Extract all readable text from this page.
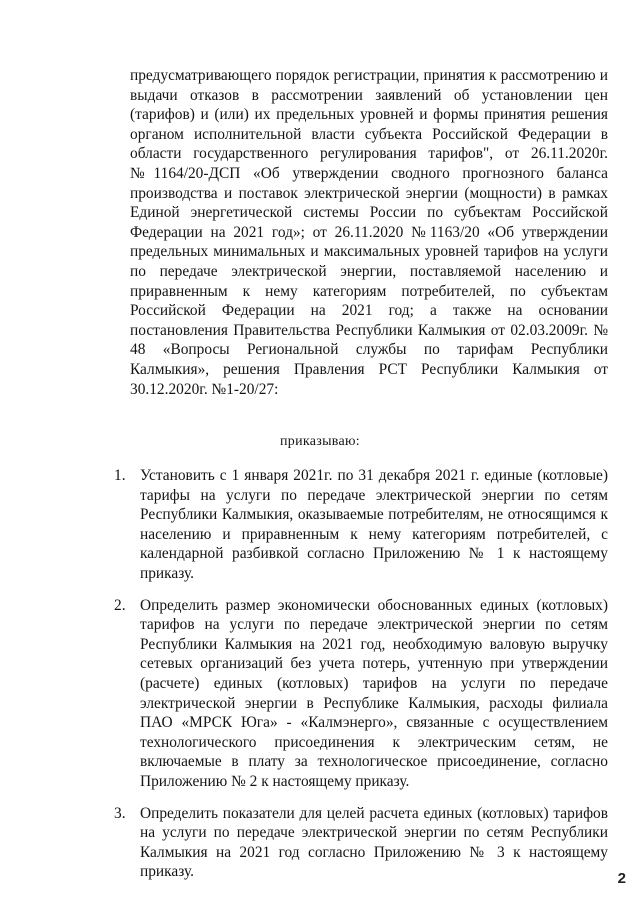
предусматривающего порядок регистрации, принятия к рассмотрению и выдачи отказов в рассмотрении заявлений об установлении цен (тарифов) и (или) их предельных уровней и формы принятия решения органом исполнительной власти субъекта Российской Федерации в области государственного регулирования тарифов", от 26.11.2020г. №1164/20-ДСП «Об утверждении сводного прогнозного баланса производства и поставок электрической энергии (мощности) в рамках Единой энергетической системы России по субъектам Российской Федерации на 2021 год»; от 26.11.2020 №1163/20 «Об утверждении предельных минимальных и максимальных уровней тарифов на услуги по передаче электрической энергии, поставляемой населению и приравненным к нему категориям потребителей, по субъектам Российской Федерации на 2021 год; а также на основании постановления Правительства Республики Калмыкия от 02.03.2009г. № 48 «Вопросы Региональной службы по тарифам Республики Калмыкия», решения Правления РСТ Республики Калмыкия от 30.12.2020г. №1-20/27:

приказываю:
1. Установить с 1 января 2021г. по 31 декабря 2021 г. единые (котловые) тарифы на услуги по передаче электрической энергии по сетям Республики Калмыкия, оказываемые потребителям, не относящимся к населению и приравненным к нему категориям потребителей, с календарной разбивкой согласно Приложению № 1 к настоящему приказу.
2. Определить размер экономически обоснованных единых (котловых) тарифов на услуги по передаче электрической энергии по сетям Республики Калмыкия на 2021 год, необходимую валовую выручку сетевых организаций без учета потерь, учтенную при утверждении (расчете) единых (котловых) тарифов на услуги по передаче электрической энергии в Республике Калмыкия, расходы филиала ПАО «МРСК Юга» - «Калмэнерго», связанные с осуществлением технологического присоединения к электрическим сетям, не включаемые в плату за технологическое присоединение, согласно Приложению № 2 к настоящему приказу.
3. Определить показатели для целей расчета единых (котловых) тарифов на услуги по передаче электрической энергии по сетям Республики Калмыкия на 2021 год согласно Приложению № 3 к настоящему приказу.	2
